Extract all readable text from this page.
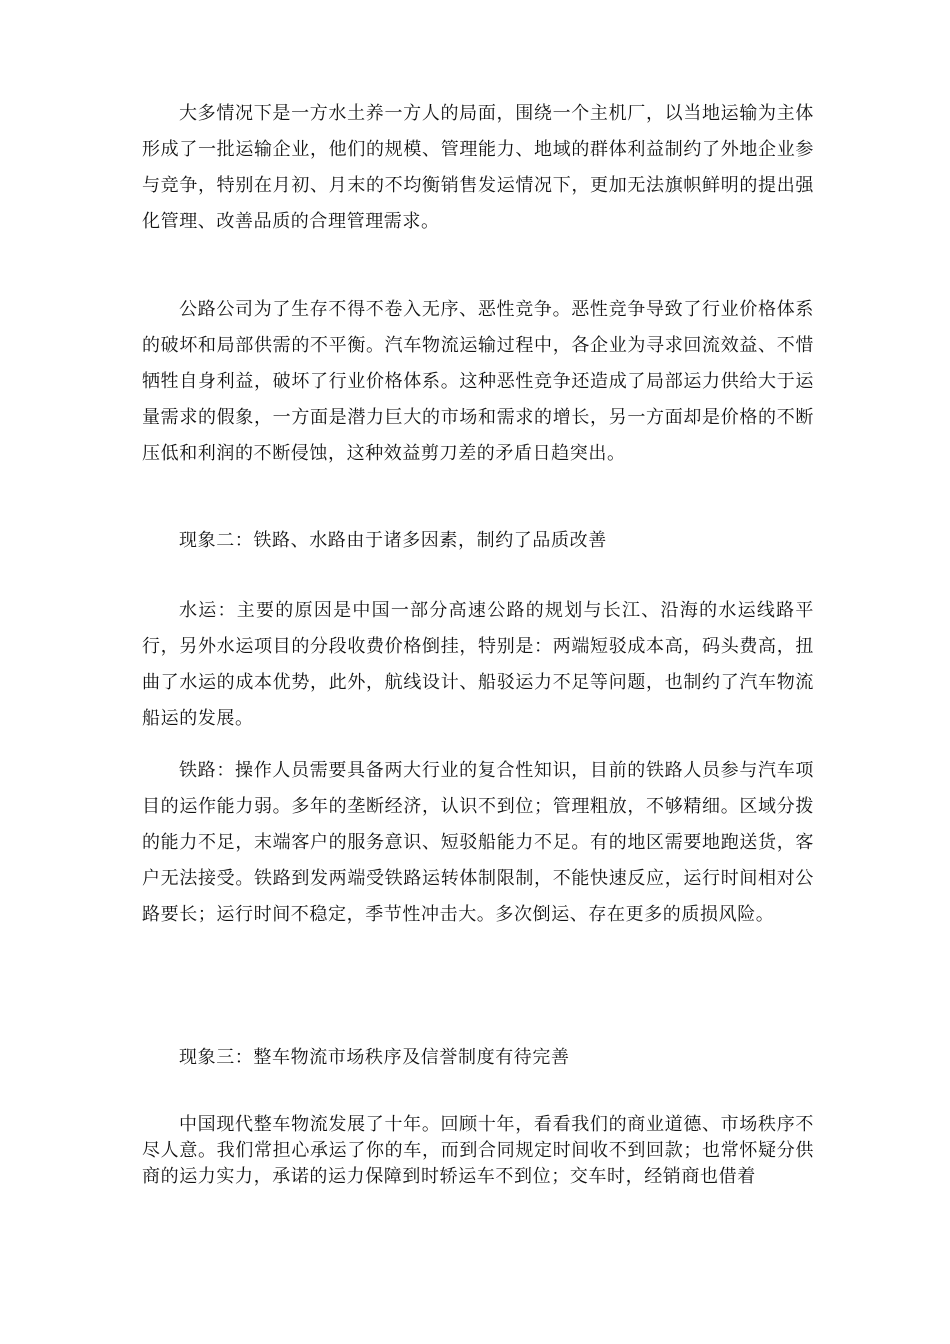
大多情况下是一方水土养一方人的局面，围绕一个主机厂，以当地运输为主体形成了一批运输企业，他们的规模、管理能力、地域的群体利益制约了外地企业参与竞争，特别在月初、月末的不均衡销售发运情况下，更加无法旗帜鲜明的提出强化管理、改善品质的合理管理需求。

公路公司为了生存不得不卷入无序、恶性竞争。恶性竞争导致了行业价格体系的破坏和局部供需的不平衡。汽车物流运输过程中，各企业为寻求回流效益、不惜牺牲自身利益，破坏了行业价格体系。这种恶性竞争还造成了局部运力供给大于运量需求的假象，一方面是潜力巨大的市场和需求的增长，另一方面却是价格的不断压低和利润的不断侵蚀，这种效益剪刀差的矛盾日趋突出。

现象二：铁路、水路由于诸多因素，制约了品质改善

水运：主要的原因是中国一部分高速公路的规划与长江、沿海的水运线路平行，另外水运项目的分段收费价格倒挂，特别是：两端短驳成本高，码头费高，扭曲了水运的成本优势，此外，航线设计、船驳运力不足等问题，也制约了汽车物流船运的发展。

铁路：操作人员需要具备两大行业的复合性知识，目前的铁路人员参与汽车项目的运作能力弱。多年的垄断经济，认识不到位；管理粗放，不够精细。区域分拨的能力不足，末端客户的服务意识、短驳船能力不足。有的地区需要地跑送货，客户无法接受。铁路到发两端受铁路运转体制限制，不能快速反应，运行时间相对公路要长；运行时间不稳定，季节性冲击大。多次倒运、存在更多的质损风险。

现象三：整车物流市场秩序及信誉制度有待完善

中国现代整车物流发展了十年。回顾十年，看看我们的商业道德、市场秩序不尽人意。我们常担心承运了你的车，而到合同规定时间收不到回款；也常怀疑分供商的运力实力，承诺的运力保障到时轿运车不到位；交车时，经销商也借着
